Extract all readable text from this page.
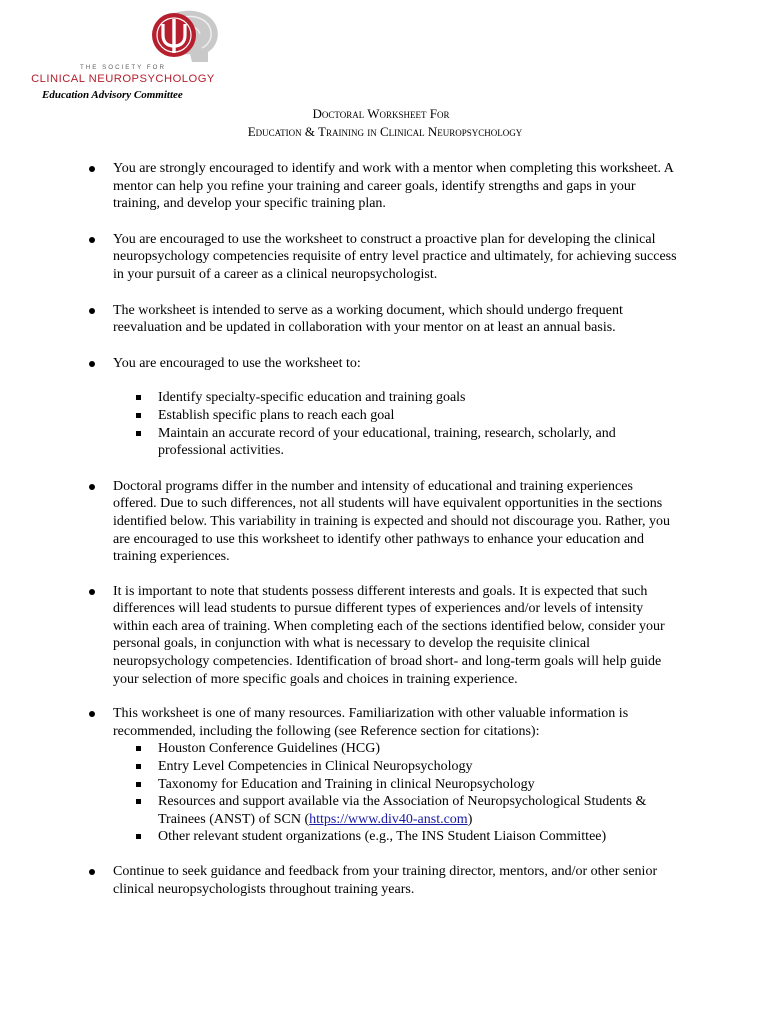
THE SOCIETY FOR
CLINICAL NEUROPSYCHOLOGY
Education Advisory Committee
Doctoral Worksheet For
Education & Training in Clinical Neuropsychology
You are strongly encouraged to identify and work with a mentor when completing this worksheet. A mentor can help you refine your training and career goals, identify strengths and gaps in your training, and develop your specific training plan.
You are encouraged to use the worksheet to construct a proactive plan for developing the clinical neuropsychology competencies requisite of entry level practice and ultimately, for achieving success in your pursuit of a career as a clinical neuropsychologist.
The worksheet is intended to serve as a working document, which should undergo frequent reevaluation and be updated in collaboration with your mentor on at least an annual basis.
You are encouraged to use the worksheet to:
Identify specialty-specific education and training goals
Establish specific plans to reach each goal
Maintain an accurate record of your educational, training, research, scholarly, and professional activities.
Doctoral programs differ in the number and intensity of educational and training experiences offered. Due to such differences, not all students will have equivalent opportunities in the sections identified below. This variability in training is expected and should not discourage you. Rather, you are encouraged to use this worksheet to identify other pathways to enhance your education and training experiences.
It is important to note that students possess different interests and goals. It is expected that such differences will lead students to pursue different types of experiences and/or levels of intensity within each area of training. When completing each of the sections identified below, consider your personal goals, in conjunction with what is necessary to develop the requisite clinical neuropsychology competencies. Identification of broad short- and long-term goals will help guide your selection of more specific goals and choices in training experience.
This worksheet is one of many resources. Familiarization with other valuable information is recommended, including the following (see Reference section for citations):
Houston Conference Guidelines (HCG)
Entry Level Competencies in Clinical Neuropsychology
Taxonomy for Education and Training in clinical Neuropsychology
Resources and support available via the Association of Neuropsychological Students & Trainees (ANST) of SCN (https://www.div40-anst.com)
Other relevant student organizations (e.g., The INS Student Liaison Committee)
Continue to seek guidance and feedback from your training director, mentors, and/or other senior clinical neuropsychologists throughout training years.
